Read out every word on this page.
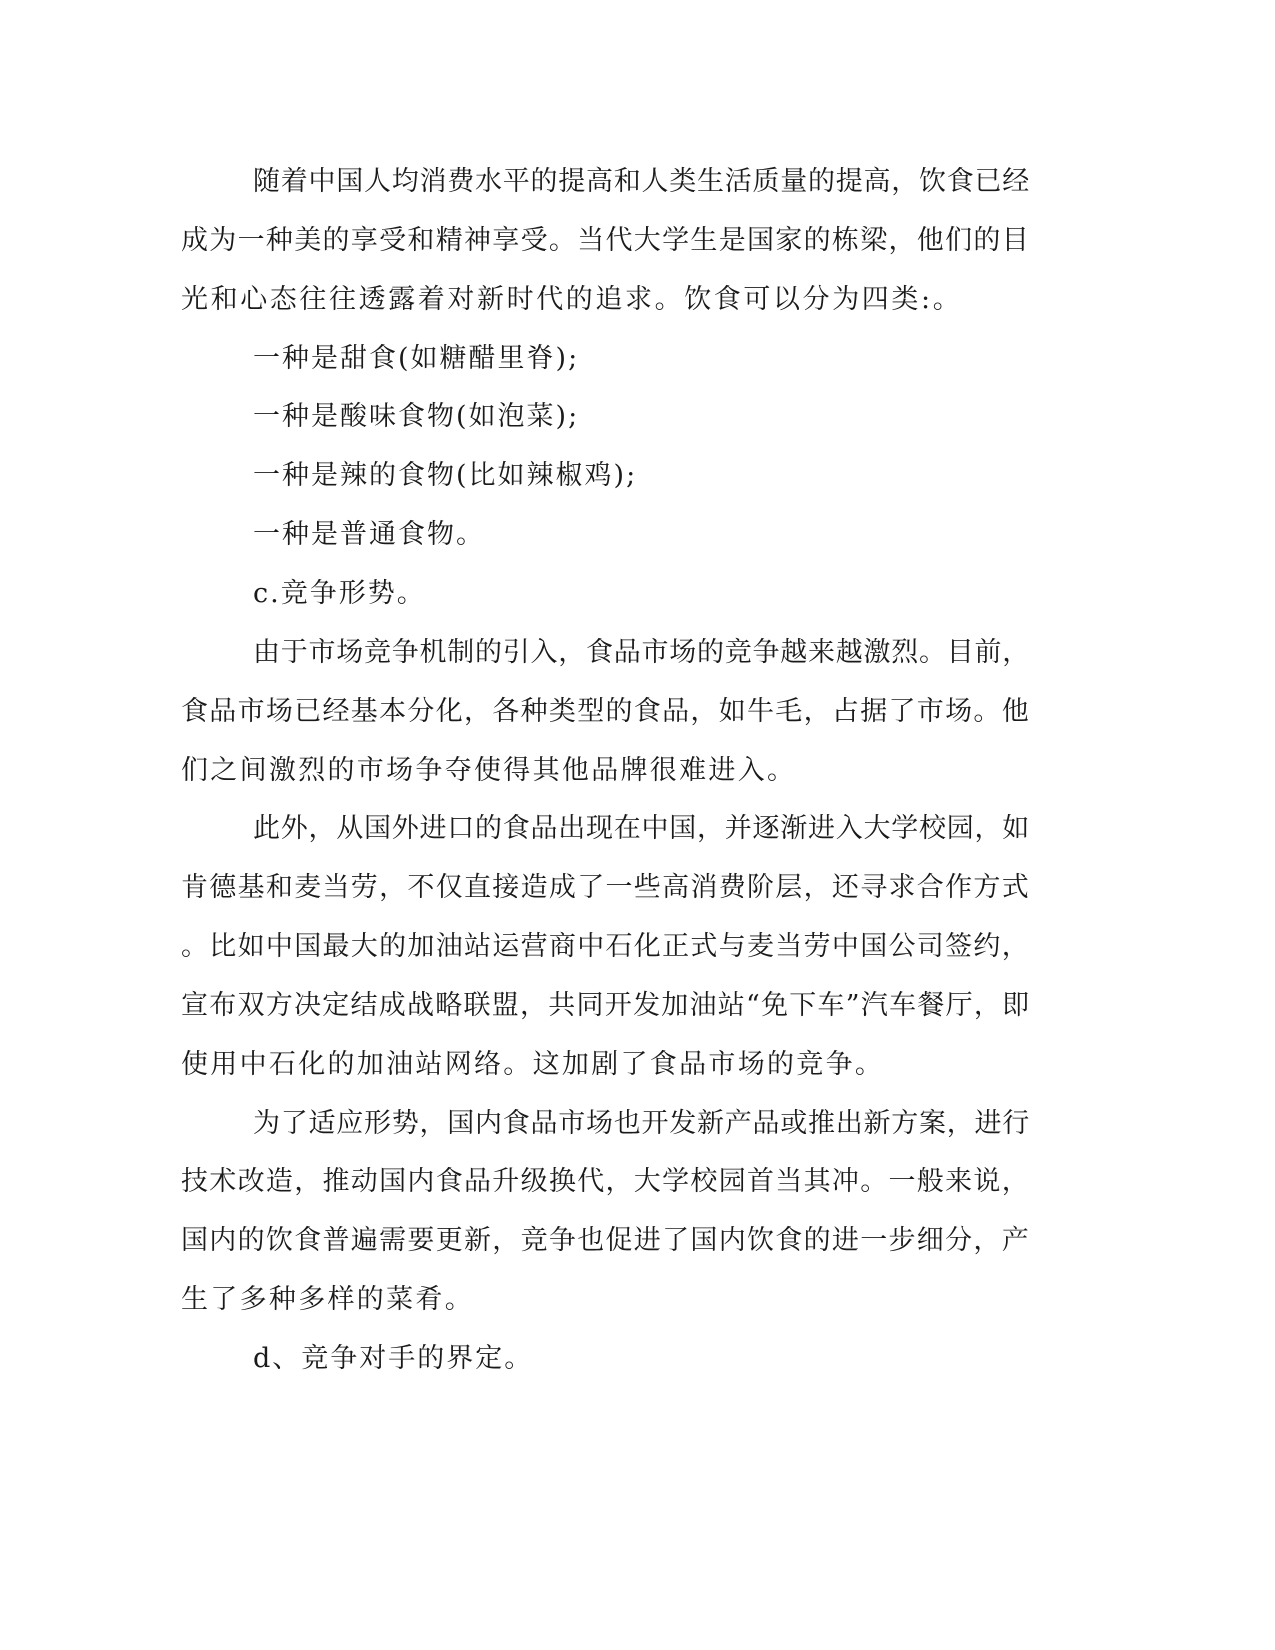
随着中国人均消费水平的提高和人类生活质量的提高，饮食已经
成为一种美的享受和精神享受。当代大学生是国家的栋梁，他们的目
光和心态往往透露着对新时代的追求。饮食可以分为四类:。
一种是甜食(如糖醋里脊);
一种是酸味食物(如泡菜);
一种是辣的食物(比如辣椒鸡);
一种是普通食物。
c.竞争形势。
由于市场竞争机制的引入，食品市场的竞争越来越激烈。目前，
食品市场已经基本分化，各种类型的食品，如牛毛，占据了市场。他
们之间激烈的市场争夺使得其他品牌很难进入。
此外，从国外进口的食品出现在中国，并逐渐进入大学校园，如
肯德基和麦当劳，不仅直接造成了一些高消费阶层，还寻求合作方式
。比如中国最大的加油站运营商中石化正式与麦当劳中国公司签约，
宣布双方决定结成战略联盟，共同开发加油站“免下车”汽车餐厅，即
使用中石化的加油站网络。这加剧了食品市场的竞争。
为了适应形势，国内食品市场也开发新产品或推出新方案，进行
技术改造，推动国内食品升级换代，大学校园首当其冲。一般来说，
国内的饮食普遍需要更新，竞争也促进了国内饮食的进一步细分，产
生了多种多样的菜肴。
d、竞争对手的界定。
